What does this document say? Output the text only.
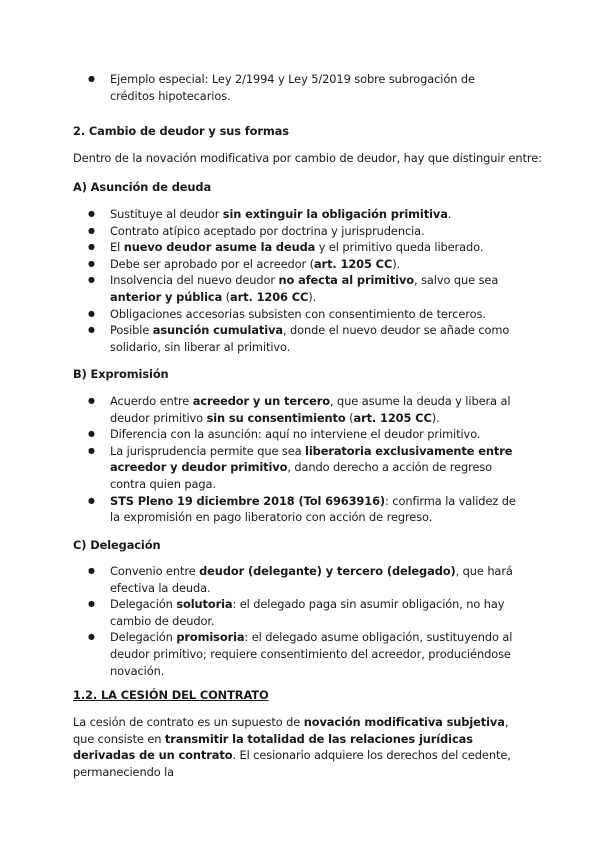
● Ejemplo especial: Ley 2/1994 y Ley 5/2019 sobre subrogación de créditos hipotecarios.
2. Cambio de deudor y sus formas
Dentro de la novación modificativa por cambio de deudor, hay que distinguir entre:
A) Asunción de deuda
● Sustituye al deudor sin extinguir la obligación primitiva.
● Contrato atípico aceptado por doctrina y jurisprudencia.
● El nuevo deudor asume la deuda y el primitivo queda liberado.
● Debe ser aprobado por el acreedor (art. 1205 CC).
● Insolvencia del nuevo deudor no afecta al primitivo, salvo que sea anterior y pública (art. 1206 CC).
● Obligaciones accesorias subsisten con consentimiento de terceros.
● Posible asunción cumulativa, donde el nuevo deudor se añade como solidario, sin liberar al primitivo.
B) Expromisión
● Acuerdo entre acreedor y un tercero, que asume la deuda y libera al deudor primitivo sin su consentimiento (art. 1205 CC).
● Diferencia con la asunción: aquí no interviene el deudor primitivo.
● La jurisprudencia permite que sea liberatoria exclusivamente entre acreedor y deudor primitivo, dando derecho a acción de regreso contra quien paga.
● STS Pleno 19 diciembre 2018 (Tol 6963916): confirma la validez de la expromisión en pago liberatorio con acción de regreso.
C) Delegación
● Convenio entre deudor (delegante) y tercero (delegado), que hará efectiva la deuda.
● Delegación solutoria: el delegado paga sin asumir obligación, no hay cambio de deudor.
● Delegación promisoria: el delegado asume obligación, sustituyendo al deudor primitivo; requiere consentimiento del acreedor, produciéndose novación.
1.2. LA CESIÓN DEL CONTRATO
La cesión de contrato es un supuesto de novación modificativa subjetiva, que consiste en transmitir la totalidad de las relaciones jurídicas derivadas de un contrato. El cesionario adquiere los derechos del cedente, permaneciendo la
